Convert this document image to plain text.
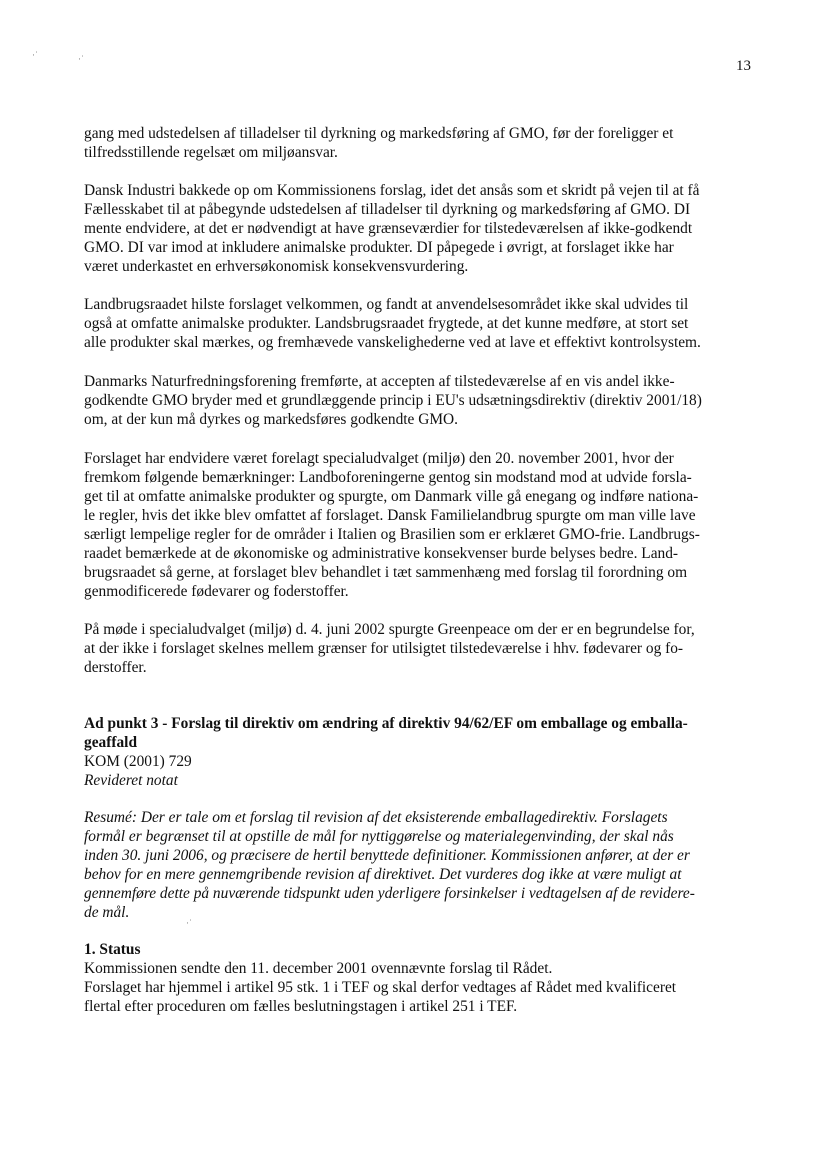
·˙	·˙	13

gang med udstedelsen af tilladelser til dyrkning og markedsføring af GMO, før der foreligger et
tilfredsstillende regelsæt om miljøansvar.

Dansk Industri bakkede op om Kommissionens forslag, idet det ansås som et skridt på vejen til at få
Fællesskabet til at påbegynde udstedelsen af tilladelser til dyrkning og markedsføring af GMO. DI
mente endvidere, at det er nødvendigt at have grænseværdier for tilstedeværelsen af ikke-godkendt
GMO. DI var imod at inkludere animalske produkter. DI påpegede i øvrigt, at forslaget ikke har
været underkastet en erhversøkonomisk konsekvensvurdering.

Landbrugsraadet hilste forslaget velkommen, og fandt at anvendelsesområdet ikke skal udvides til
også at omfatte animalske produkter. Landsbrugsraadet frygtede, at det kunne medføre, at stort set
alle produkter skal mærkes, og fremhævede vanskelighederne ved at lave et effektivt kontrolsystem.

Danmarks Naturfredningsforening fremførte, at accepten af tilstedeværelse af en vis andel ikke-
godkendte GMO bryder med et grundlæggende princip i EU's udsætningsdirektiv (direktiv 2001/18)
om, at der kun må dyrkes og markedsføres godkendte GMO.

Forslaget har endvidere været forelagt specialudvalget (miljø) den 20. november 2001, hvor der
fremkom følgende bemærkninger: Landboforeningerne gentog sin modstand mod at udvide forsla-
get til at omfatte animalske produkter og spurgte, om Danmark ville gå enegang og indføre nationa-
le regler, hvis det ikke blev omfattet af forslaget. Dansk Familielandbrug spurgte om man ville lave
særligt lempelige regler for de områder i Italien og Brasilien som er erklæret GMO-frie. Landbrugs-
raadet bemærkede at de økonomiske og administrative konsekvenser burde belyses bedre. Land-
brugsraadet så gerne, at forslaget blev behandlet i tæt sammenhæng med forslag til forordning om
genmodificerede fødevarer og foderstoffer.

På møde i specialudvalget (miljø) d. 4. juni 2002 spurgte Greenpeace om der er en begrundelse for,
at der ikke i forslaget skelnes mellem grænser for utilsigtet tilstedeværelse i hhv. fødevarer og fo-
derstoffer.

Ad punkt 3 - Forslag til direktiv om ændring af direktiv 94/62/EF om emballage og emballa-
geaffald
KOM (2001) 729
Revideret notat

Resumé: Der er tale om et forslag til revision af det eksisterende emballagedirektiv. Forslagets
formål er begrænset til at opstille de mål for nyttiggørelse og materialegenvinding, der skal nås
inden 30. juni 2006, og præcisere de hertil benyttede definitioner. Kommissionen anfører, at der er
behov for en mere gennemgribende revision af direktivet. Det vurderes dog ikke at være muligt at
gennemføre dette på nuværende tidspunkt uden yderligere forsinkelser i vedtagelsen af de revidere-
de mål.

·˙

1. Status
Kommissionen sendte den 11. december 2001 ovennævnte forslag til Rådet.
Forslaget har hjemmel i artikel 95 stk. 1 i TEF og skal derfor vedtages af Rådet med kvalificeret
flertal efter proceduren om fælles beslutningstagen i artikel 251 i TEF.
